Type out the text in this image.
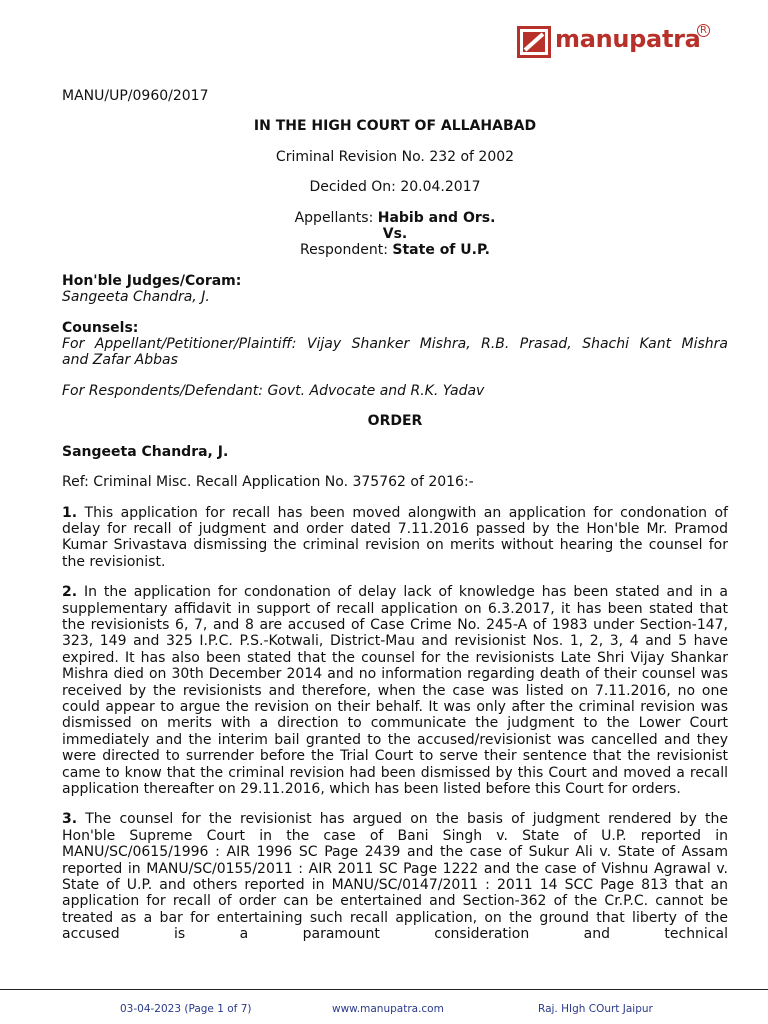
manupatra R

MANU/UP/0960/2017

IN THE HIGH COURT OF ALLAHABAD

Criminal Revision No. 232 of 2002

Decided On: 20.04.2017

Appellants: Habib and Ors.
Vs.
Respondent: State of U.P.
Hon'ble Judges/Coram:
Sangeeta Chandra, J.
Counsels:
For Appellant/Petitioner/Plaintiff: Vijay Shanker Mishra, R.B. Prasad, Shachi Kant Mishra
and Zafar Abbas
For Respondents/Defendant: Govt. Advocate and R.K. Yadav

ORDER

Sangeeta Chandra, J.

Ref: Criminal Misc. Recall Application No. 375762 of 2016:-

1. This application for recall has been moved alongwith an application for condonation of delay for recall of judgment and order dated 7.11.2016 passed by the Hon'ble Mr. Pramod Kumar Srivastava dismissing the criminal revision on merits without hearing the counsel for the revisionist.

2. In the application for condonation of delay lack of knowledge has been stated and in a supplementary affidavit in support of recall application on 6.3.2017, it has been stated that the revisionists 6, 7, and 8 are accused of Case Crime No. 245-A of 1983 under Section-147, 323, 149 and 325 I.P.C. P.S.-Kotwali, District-Mau and revisionist Nos. 1, 2, 3, 4 and 5 have expired. It has also been stated that the counsel for the revisionists Late Shri Vijay Shankar Mishra died on 30th December 2014 and no information regarding death of their counsel was received by the revisionists and therefore, when the case was listed on 7.11.2016, no one could appear to argue the revision on their behalf. It was only after the criminal revision was dismissed on merits with a direction to communicate the judgment to the Lower Court immediately and the interim bail granted to the accused/revisionist was cancelled and they were directed to surrender before the Trial Court to serve their sentence that the revisionist came to know that the criminal revision had been dismissed by this Court and moved a recall application thereafter on 29.11.2016, which has been listed before this Court for orders.

3. The counsel for the revisionist has argued on the basis of judgment rendered by the Hon'ble Supreme Court in the case of Bani Singh v. State of U.P. reported in MANU/SC/0615/1996 : AIR 1996 SC Page 2439 and the case of Sukur Ali v. State of Assam reported in MANU/SC/0155/2011 : AIR 2011 SC Page 1222 and the case of Vishnu Agrawal v. State of U.P. and others reported in MANU/SC/0147/2011 : 2011 14 SCC Page 813 that an application for recall of order can be entertained and Section-362 of the Cr.P.C. cannot be treated as a bar for entertaining such recall application, on the ground that liberty of the accused is a paramount consideration and technical

03-04-2023 (Page 1 of 7)	www.manupatra.com	Raj. HIgh COurt Jaipur
